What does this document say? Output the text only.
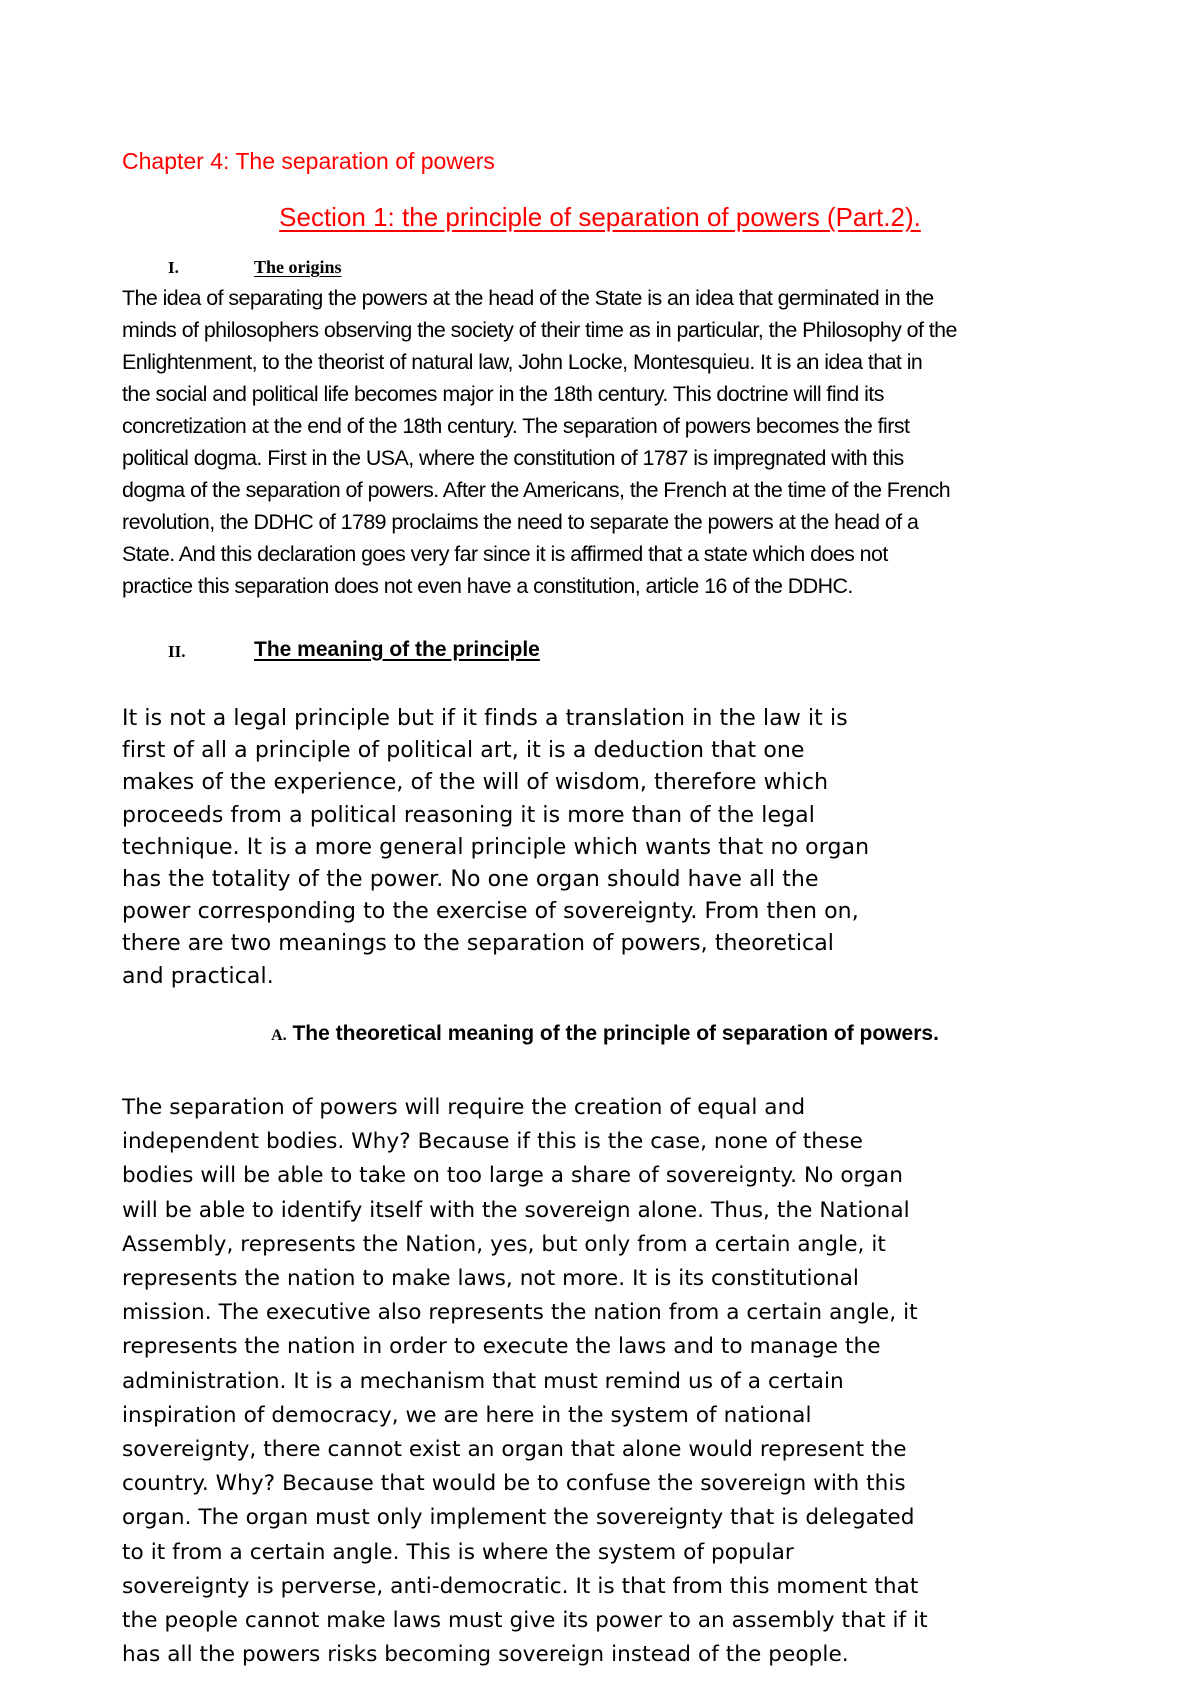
Chapter 4: The separation of powers
Section 1: the principle of separation of powers (Part.2).
I.	The origins
The idea of separating the powers at the head of the State is an idea that germinated in the
minds of philosophers observing the society of their time as in particular, the Philosophy of the
Enlightenment, to the theorist of natural law, John Locke, Montesquieu. It is an idea that in
the social and political life becomes major in the 18th century. This doctrine will find its
concretization at the end of the 18th century. The separation of powers becomes the first
political dogma. First in the USA, where the constitution of 1787 is impregnated with this
dogma of the separation of powers. After the Americans, the French at the time of the French
revolution, the DDHC of 1789 proclaims the need to separate the powers at the head of a
State. And this declaration goes very far since it is affirmed that a state which does not
practice this separation does not even have a constitution, article 16 of the DDHC.
II.	The meaning of the principle
It is not a legal principle but if it finds a translation in the law it is
first of all a principle of political art, it is a deduction that one
makes of the experience, of the will of wisdom, therefore which
proceeds from a political reasoning it is more than of the legal
technique. It is a more general principle which wants that no organ
has the totality of the power. No one organ should have all the
power corresponding to the exercise of sovereignty. From then on,
there are two meanings to the separation of powers, theoretical
and practical.
A. The theoretical meaning of the principle of separation of powers.
The separation of powers will require the creation of equal and
independent bodies. Why? Because if this is the case, none of these
bodies will be able to take on too large a share of sovereignty. No organ
will be able to identify itself with the sovereign alone. Thus, the National
Assembly, represents the Nation, yes, but only from a certain angle, it
represents the nation to make laws, not more. It is its constitutional
mission. The executive also represents the nation from a certain angle, it
represents the nation in order to execute the laws and to manage the
administration. It is a mechanism that must remind us of a certain
inspiration of democracy, we are here in the system of national
sovereignty, there cannot exist an organ that alone would represent the
country. Why? Because that would be to confuse the sovereign with this
organ. The organ must only implement the sovereignty that is delegated
to it from a certain angle. This is where the system of popular
sovereignty is perverse, anti-democratic. It is that from this moment that
the people cannot make laws must give its power to an assembly that if it
has all the powers risks becoming sovereign instead of the people.
